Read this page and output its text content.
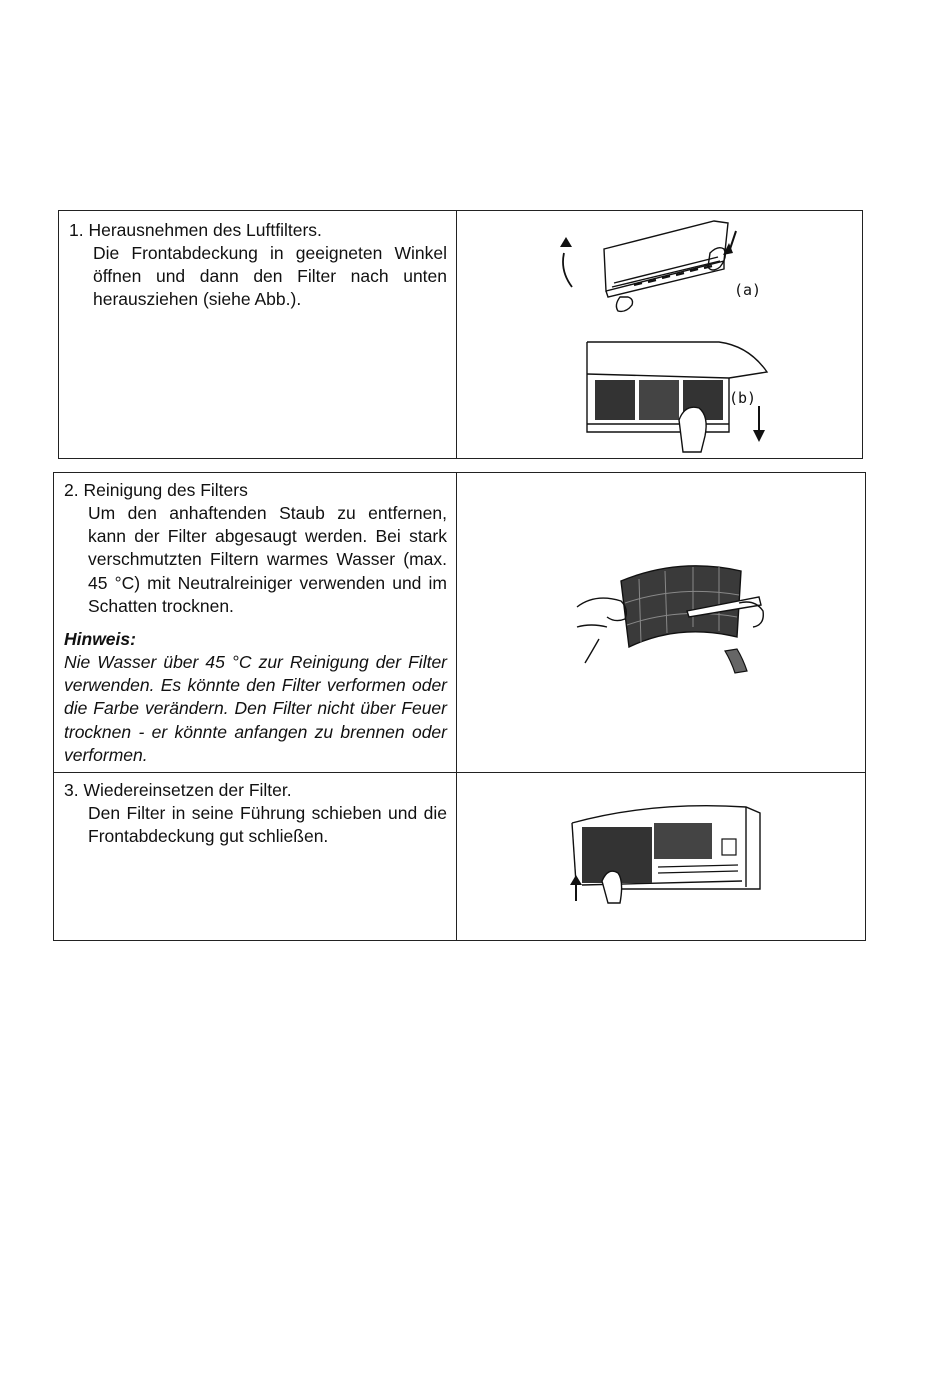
1. Herausnehmen des Luftfilters.

Die Frontabdeckung in geeigneten Winkel öffnen und dann den Filter nach unten herausziehen (siehe Abb.).	(a)
(b)

2. Reinigung des Filters

Um den anhaftenden Staub zu entfernen, kann der Filter abgesaugt werden. Bei stark verschmutzten Filtern warmes Wasser (max. 45 °C) mit Neutralreiniger verwenden und im Schatten trocknen.

Hinweis:
Nie Wasser über 45 °C zur Reinigung der Filter verwenden. Es könnte den Filter verformen oder die Farbe verändern. Den Filter nicht über Feuer trocknen - er könnte anfangen zu brennen oder verformen.

3. Wiedereinsetzen der Filter.

Den Filter in seine Führung schieben und die Frontabdeckung gut schließen.
